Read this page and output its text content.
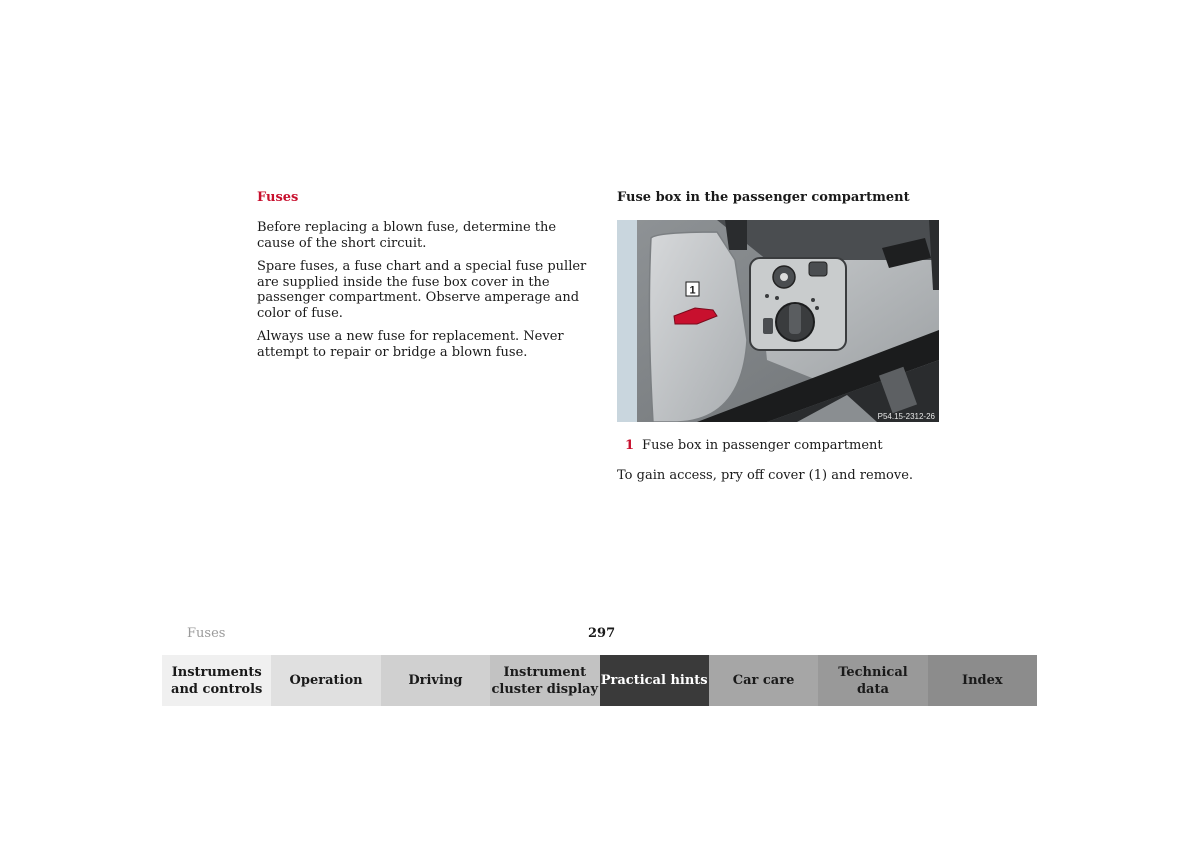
Fuses

Before replacing a blown fuse, determine the cause of the short circuit.

Spare fuses, a fuse chart and a special fuse puller are supplied inside the fuse box cover in the passenger compartment. Observe amperage and color of fuse.

Always use a new fuse for replacement. Never attempt to repair or bridge a blown fuse.

Fuse box in the passenger compartment
1
P54.15-2312-26

1 Fuse box in passenger compartment

To gain access, pry off cover (1) and remove.

Fuses	297
Instruments
and controls
Operation	Driving
Instrument
cluster display
Practical hints	Car care
Technical
data
Index
